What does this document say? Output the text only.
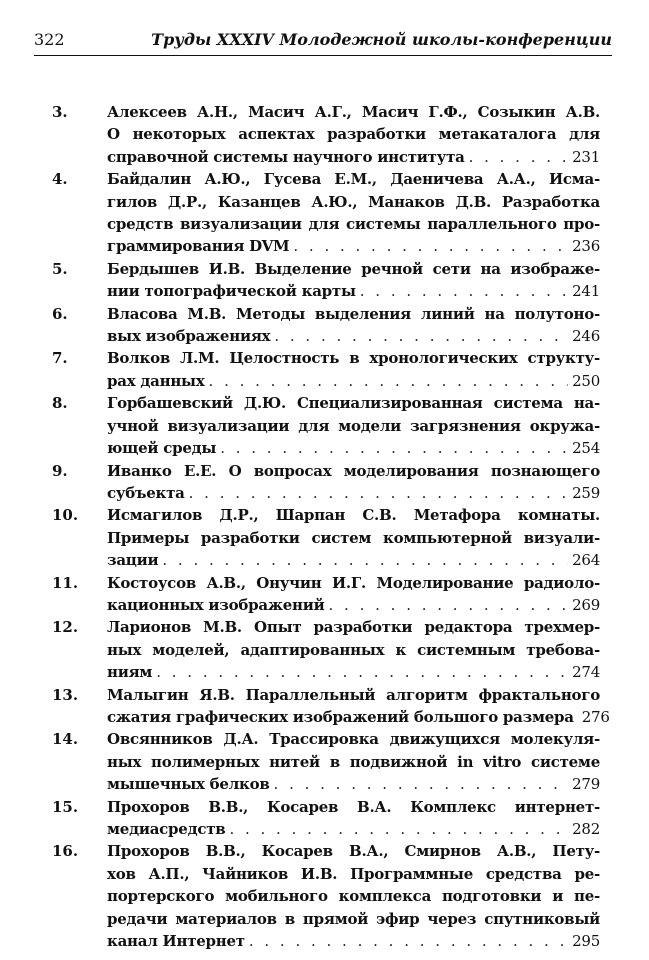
322	Труды XXXIV Молодежной школы-конференции
3.	Алексеев А.Н., Масич А.Г., Масич Г.Ф., Созыкин А.В.
О некоторых аспектах разработки метакаталога для
справочной системы научного института . . .	231
4.	Байдалин А.Ю., Гусева Е.М., Даеничева А.А., Исма-
гилов Д.Р., Казанцев А.Ю., Манаков Д.В. Разработка
средств визуализации для системы параллельного про-
граммирования DVM . . .	236
5.	Бердышев И.В. Выделение речной сети на изображе-
нии топографической карты . . .	241
6.	Власова М.В. Методы выделения линий на полутоно-
вых изображениях . . .	246
7.	Волков Л.М. Целостность в хронологических структу-
рах данных . . .	250
8.	Горбашевский Д.Ю. Специализированная система на-
учной визуализации для модели загрязнения окружа-
ющей среды . . .	254
9.	Иванко Е.Е. О вопросах моделирования познающего
субъекта . . .	259
10.	Исмагилов Д.Р., Шарпан С.В. Метафора комнаты.
Примеры разработки систем компьютерной визуали-
зации . . .	264
11.	Костоусов А.В., Онучин И.Г. Моделирование радиоло-
кационных изображений . . .	269
12.	Ларионов М.В. Опыт разработки редактора трехмер-
ных моделей, адаптированных к системным требова-
ниям . . .	274
13.	Малыгин Я.В. Параллельный алгоритм фрактального
сжатия графических изображений большого размера 276
14.	Овсянников Д.А. Трассировка движущихся молекуля-
ных полимерных нитей в подвижной in vitro системе
мышечных белков . . .	279
15.	Прохоров В.В., Косарев В.А. Комплекс интернет-
медиасредств . . .	282
16.	Прохоров В.В., Косарев В.А., Смирнов А.В., Пету-
хов А.П., Чайников И.В. Программные средства ре-
портерского мобильного комплекса подготовки и пе-
редачи материалов в прямой эфир через спутниковый
канал Интернет . . .	295
